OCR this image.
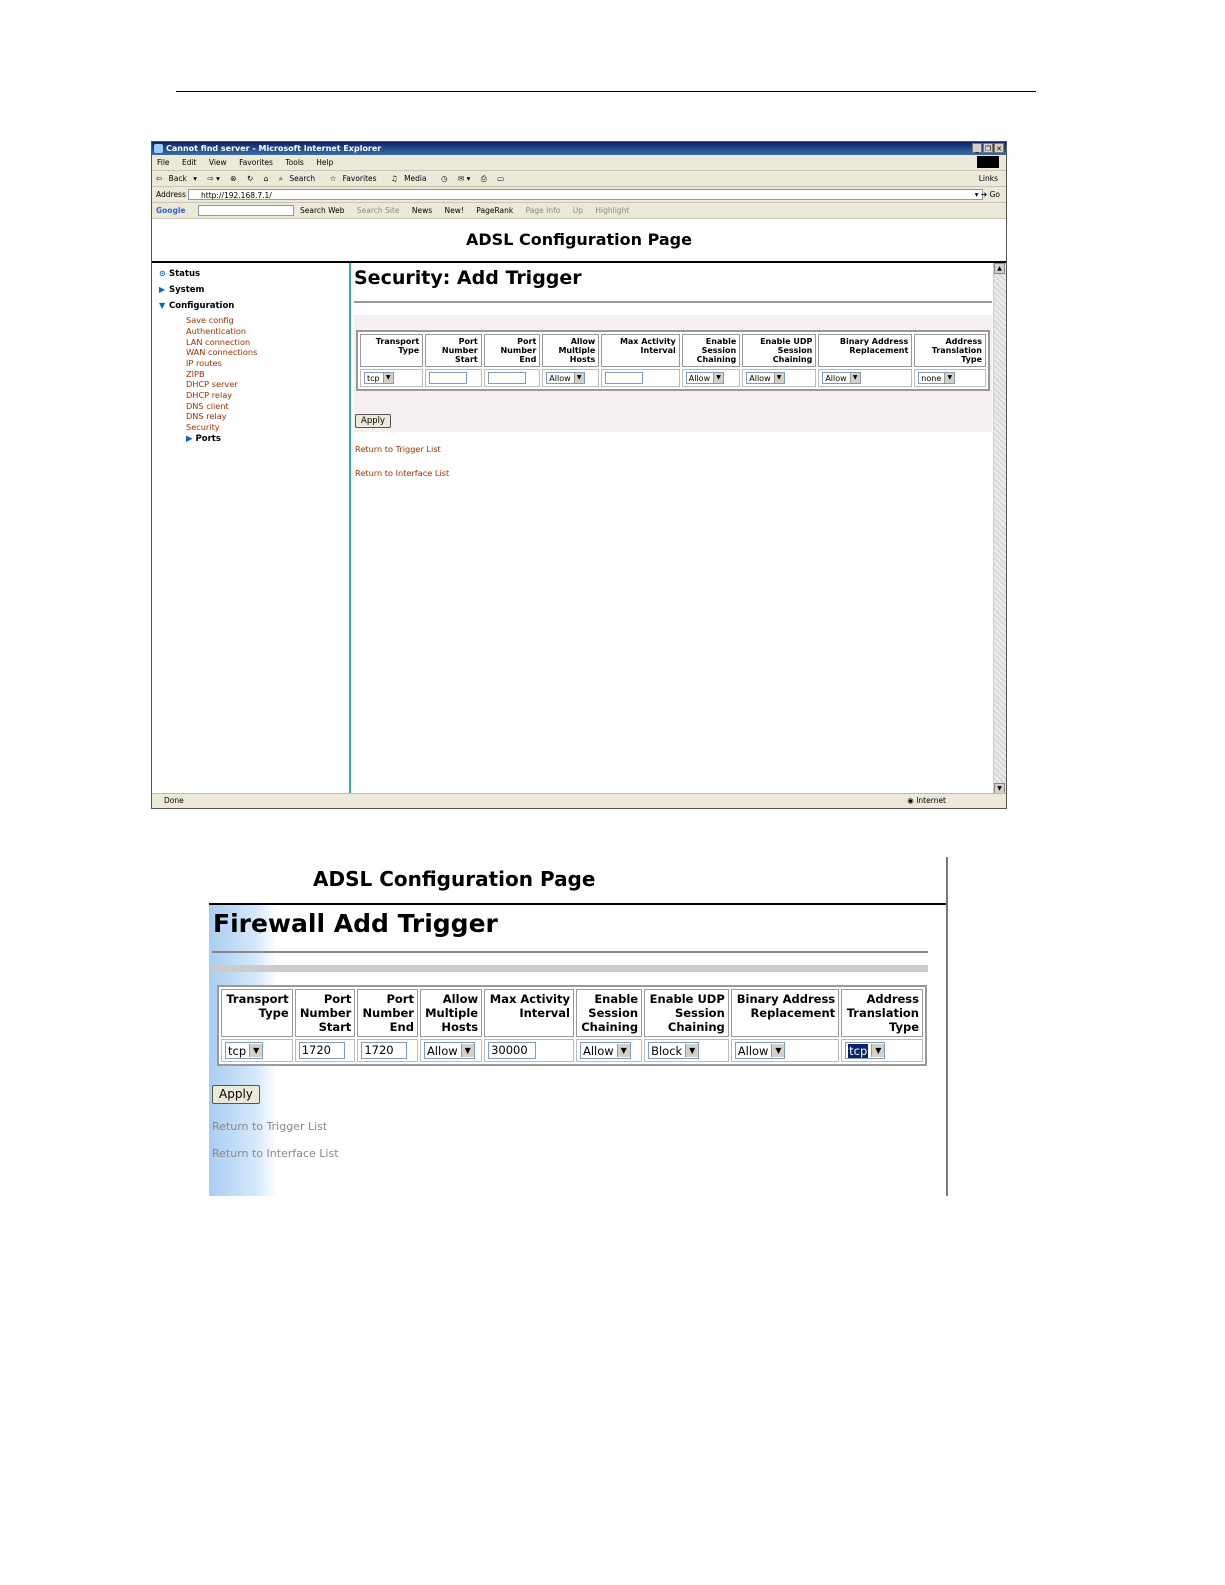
Cannot find server - Microsoft Internet Explorer	_ ❐ ✕
File Edit View Favorites Tools Help
⇦ Back ▾ ⇨ ▾ ⊗ ↻ ⌂ ⌕ Search ☆ Favorites ♫ Media ◷ ✉ ▾ ⎙ ▭	Links
Address	http://192.168.7.1/	▾ ➔ Go
Google	Search Web Search Site News New! PageRank Page Info Up Highlight
ADSL Configuration Page
⊙ Status
▶ System
▼ Configuration
Save config
Authentication
LAN connection
WAN connections
IP routes
ZIPB
DHCP server
DHCP relay
DNS client
DNS relay
Security
▶ Ports
Security: Add Trigger
Transport
Type	Port
Number
Start	Port
Number
End	Allow
Multiple
Hosts	Max Activity
Interval	Enable
Session
Chaining	Enable UDP
Session
Chaining	Binary Address
Replacement	Address
Translation
Type

tcp ▼			Allow ▼		Allow ▼	Allow ▼	Allow ▼	none ▼
Apply
Return to Trigger List
Return to Interface List
▲
▼
Done	◉ Internet
ADSL Configuration Page
Firewall Add Trigger
Transport
Type	Port
Number
Start	Port
Number
End	Allow
Multiple
Hosts	Max Activity
Interval	Enable
Session
Chaining	Enable UDP
Session
Chaining	Binary Address
Replacement	Address
Translation
Type

tcp ▼	1720	1720	Allow ▼	30000	Allow ▼	Block ▼	Allow ▼	tcp ▼
Apply
Return to Trigger List
Return to Interface List
